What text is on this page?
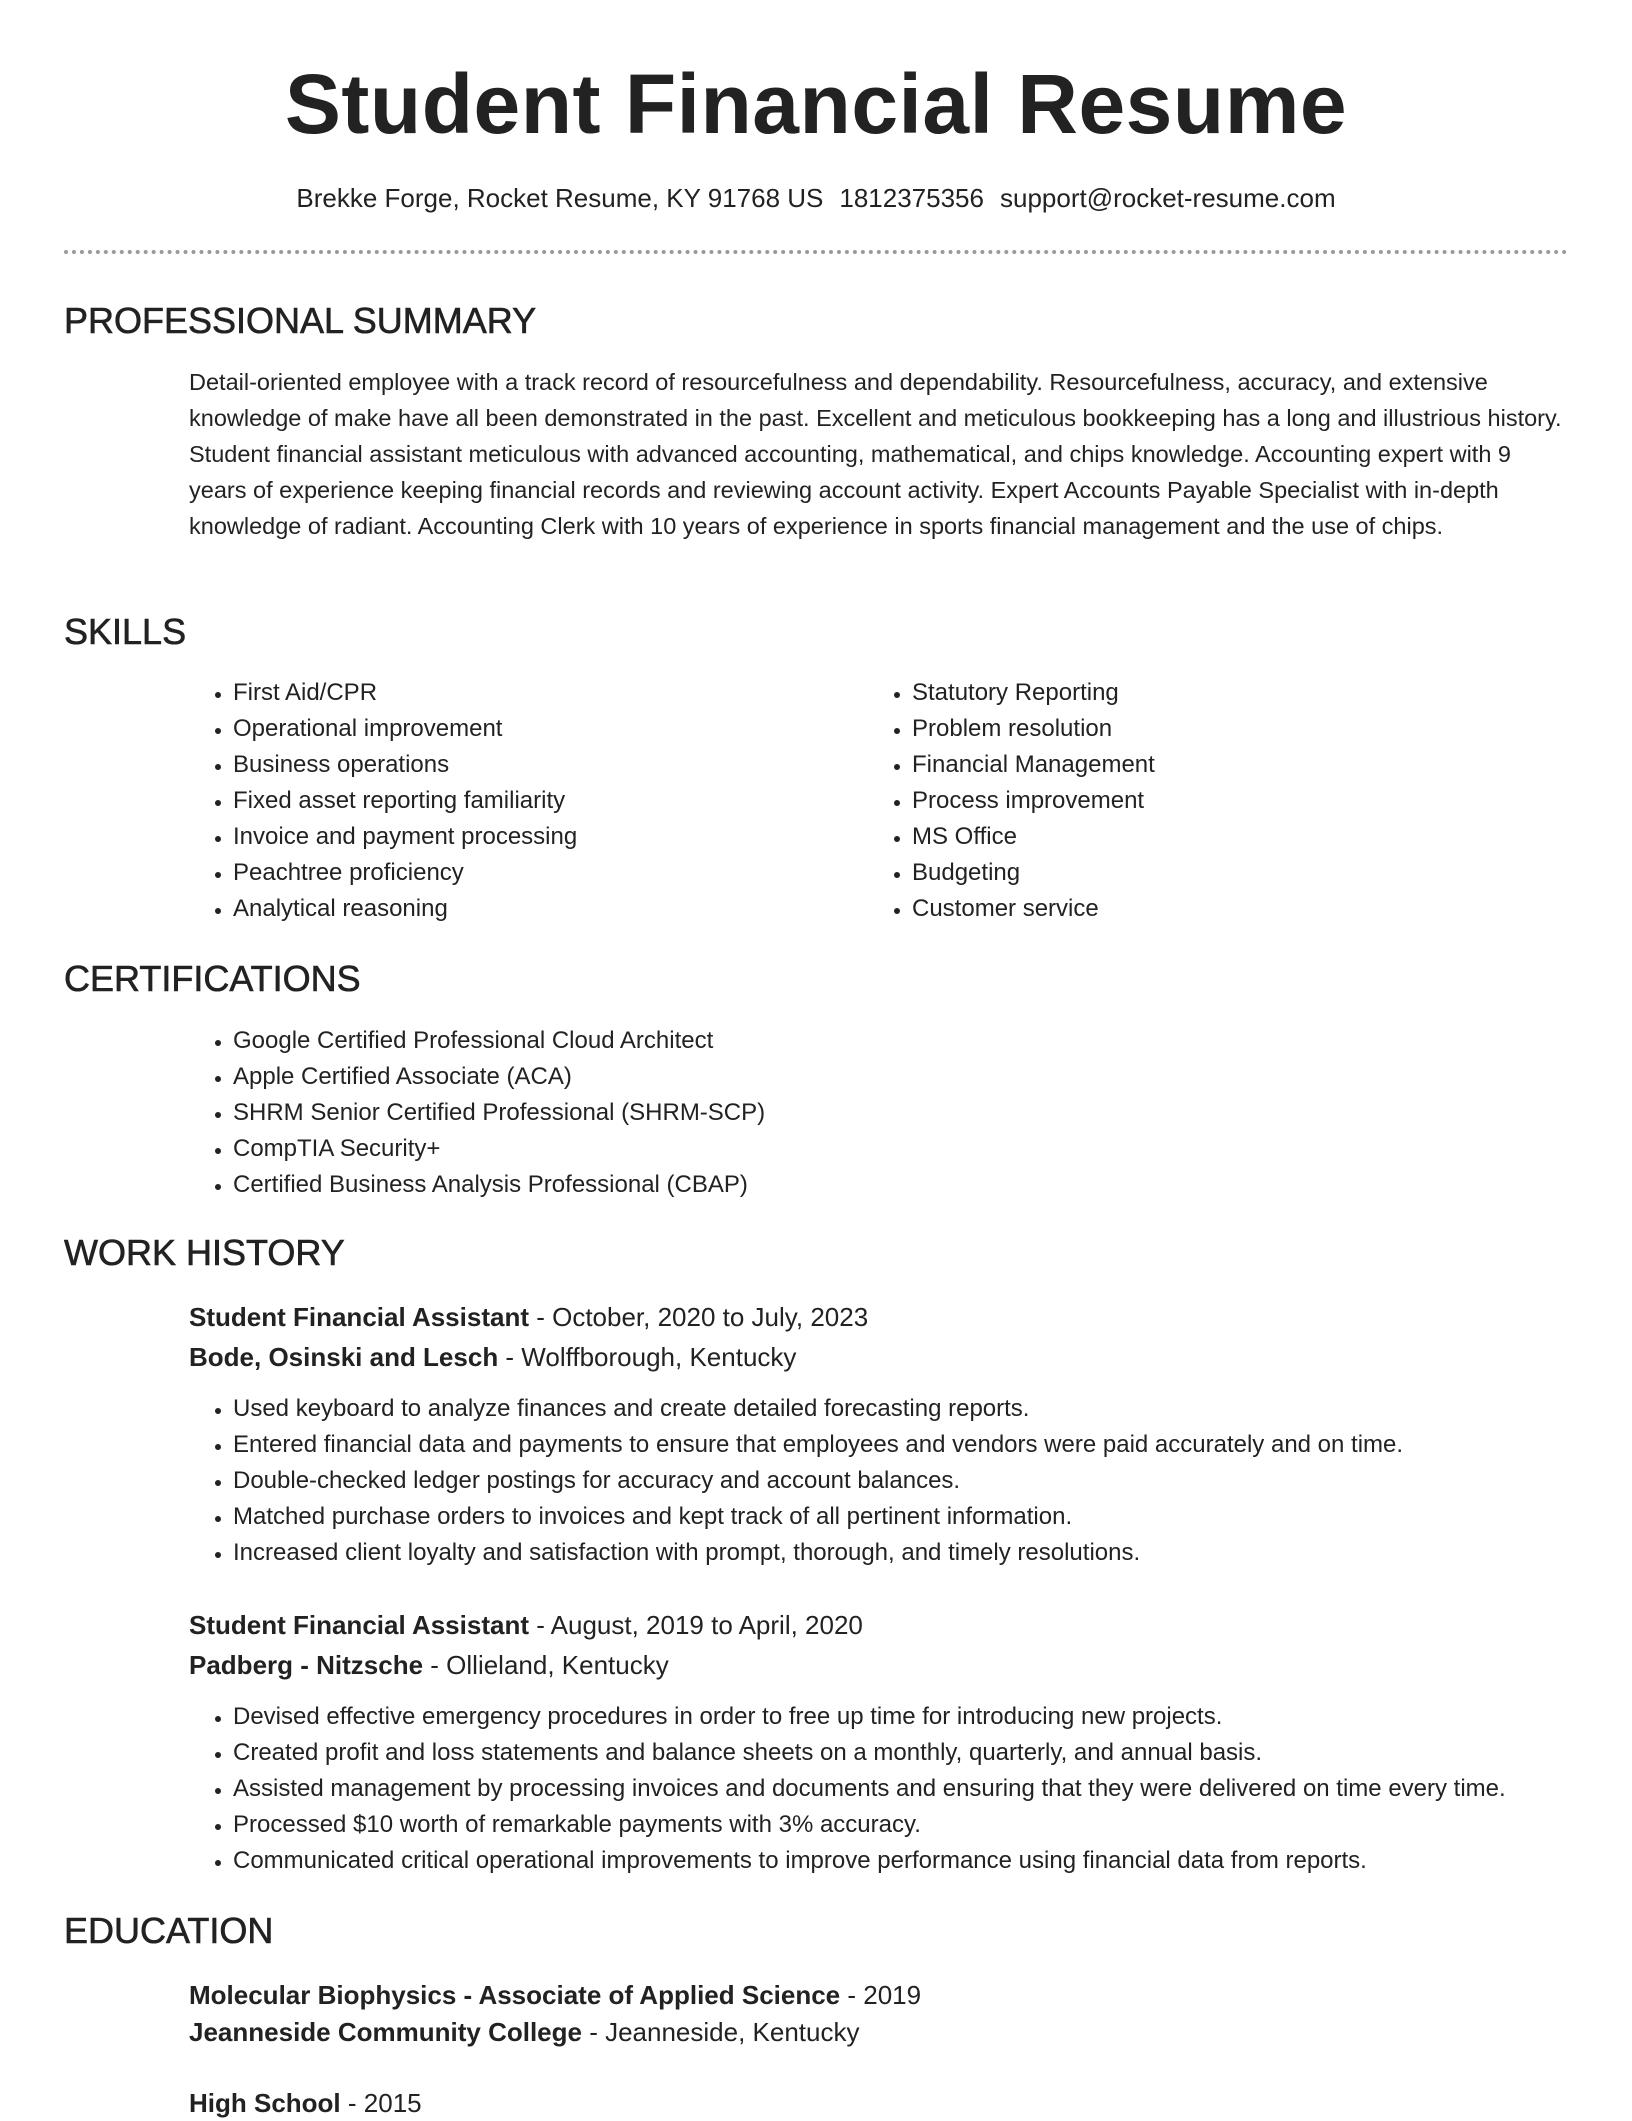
Student Financial Resume
Brekke Forge, Rocket Resume, KY 91768 US 1812375356 support@rocket-resume.com
PROFESSIONAL SUMMARY

Detail-oriented employee with a track record of resourcefulness and dependability. Resourcefulness, accuracy, and extensive knowledge of make have all been demonstrated in the past. Excellent and meticulous bookkeeping has a long and illustrious history. Student financial assistant meticulous with advanced accounting, mathematical, and chips knowledge. Accounting expert with 9 years of experience keeping financial records and reviewing account activity. Expert Accounts Payable Specialist with in-depth knowledge of radiant. Accounting Clerk with 10 years of experience in sports financial management and the use of chips.

SKILLS
• First Aid/CPR
• Operational improvement
• Business operations
• Fixed asset reporting familiarity
• Invoice and payment processing
• Peachtree proficiency
• Analytical reasoning
• Statutory Reporting
• Problem resolution
• Financial Management
• Process improvement
• MS Office
• Budgeting
• Customer service
CERTIFICATIONS
• Google Certified Professional Cloud Architect
• Apple Certified Associate (ACA)
• SHRM Senior Certified Professional (SHRM-SCP)
• CompTIA Security+
• Certified Business Analysis Professional (CBAP)
WORK HISTORY
Student Financial Assistant - October, 2020 to July, 2023
Bode, Osinski and Lesch - Wolffborough, Kentucky
• Used keyboard to analyze finances and create detailed forecasting reports.
• Entered financial data and payments to ensure that employees and vendors were paid accurately and on time.
• Double-checked ledger postings for accuracy and account balances.
• Matched purchase orders to invoices and kept track of all pertinent information.
• Increased client loyalty and satisfaction with prompt, thorough, and timely resolutions.
Student Financial Assistant - August, 2019 to April, 2020
Padberg - Nitzsche - Ollieland, Kentucky
• Devised effective emergency procedures in order to free up time for introducing new projects.
• Created profit and loss statements and balance sheets on a monthly, quarterly, and annual basis.
• Assisted management by processing invoices and documents and ensuring that they were delivered on time every time.
• Processed $10 worth of remarkable payments with 3% accuracy.
• Communicated critical operational improvements to improve performance using financial data from reports.
EDUCATION
Molecular Biophysics - Associate of Applied Science - 2019
Jeanneside Community College - Jeanneside, Kentucky
High School - 2015
